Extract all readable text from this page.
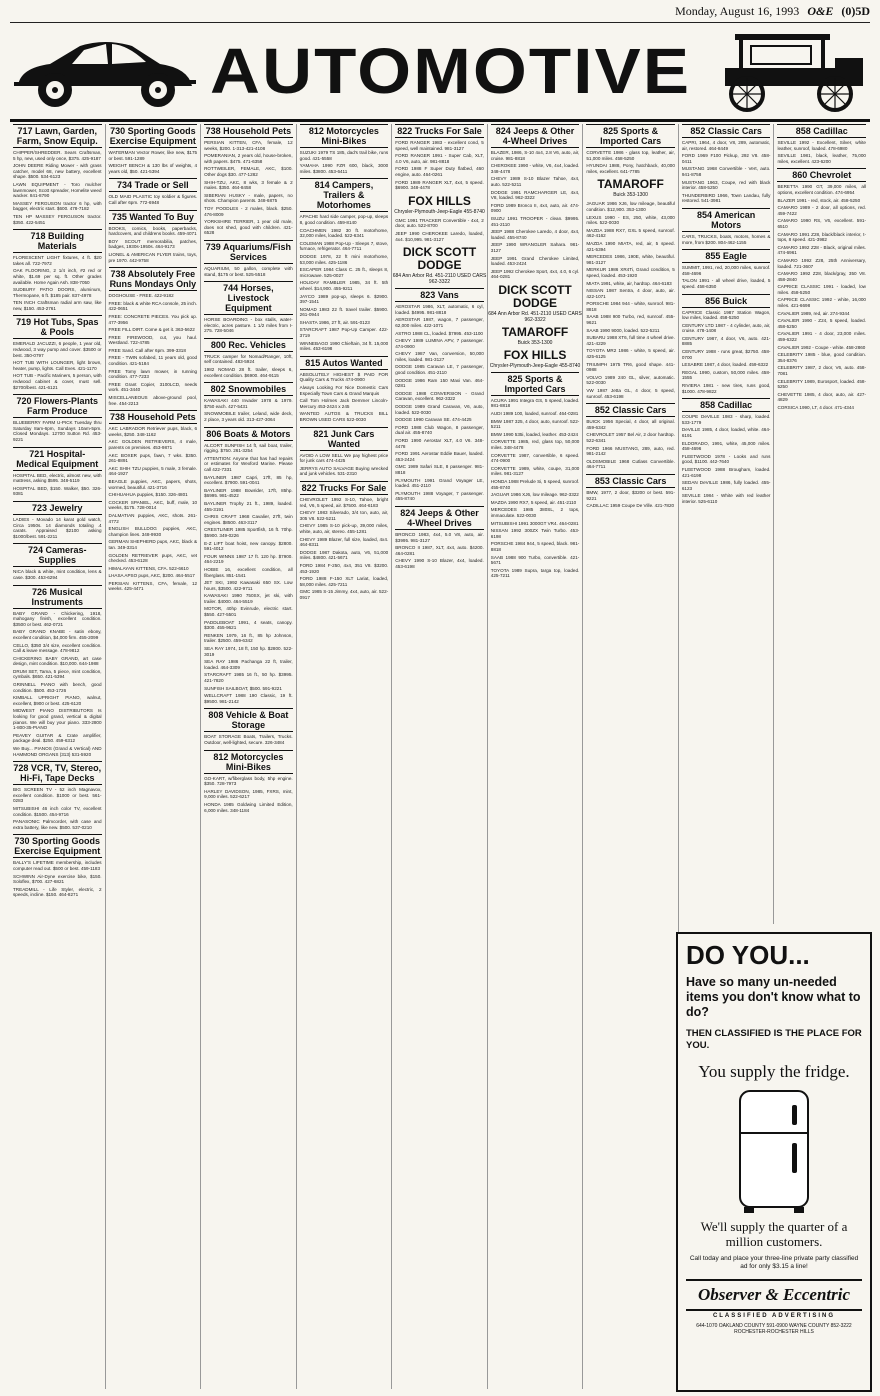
Monday, August 16, 1993 O&E (0)5D
AUTOMOTIVE
717 Lawn, Garden, Farm, Snow Equip.
CHIPPER/SHREDDER. Sears Craftsman, 5 hp, new, used only once, $375. 425-9187
JOHN DEERE Riding Mower - with grass catcher, model 68, new battery, excellent shape. $500. 534-6123
LAWN EQUIPMENT - Toro mulcher lawnmower, Scott spreader, Homelite weed wacker. 841-8790
MASSEY FERGUSON tractor 6 hp, with bagger, electric start. $600. 478-7182
TEN HP MASSEY FERGUSON tractor. $350. 422-5451
718 Building Materials
FLORESCENT LIGHT fixtures, 4 ft. $20 takes all. 722-7972
OAK FLOORING, 2 1/4 inch, #2 red or white, $1.69 per sq. ft. Other grades available. Home Again Ash. 838-7050
SUDBURY PATIO DOORS, aluminum, Thermopane, 6 ft. $185 pair. 837-4978
TEN INCH Craftsman radial arm saw, like new, $150. 453-2761
719 Hot Tubs, Spas & Pools
EMERALD JACUZZI, 6 people, 1 year old, redwood, 3 way pump and cover. $3500 or best. 350-0797
HOT TUB WITH LOUNGER, light brown, heater, pump, lights. Call Eves. 421-1170
HOT TUB - Pacific Mariners, 5 person, with redwood cabinet & cover, must sell. $2700/best. 421-6121
720 Flowers-Plants Farm Produce
BLUEBERRY FARM U-PICK Tuesday thru Saturday 8am-6pm, Sundays 10am-5pm. Closed Mondays. 12700 Sutton Rd. 453-9221
721 Hospital-Medical Equipment
HOSPITAL BED, electric, almost new, with mattress, asking $595. 348-5119
HOSPITAL BED, $150. Walker, $50. 326-9381
723 Jewelry
LADIES - Movado 14 karat gold watch, Circa 1950s. 14 diamonds totaling .4 carats. Appraised $2100 asking $1000/best. 591-2211
724 Cameras-Supplies
NICA black & white, mint condition, lens & case. $300. 453-6294
726 Musical Instruments
BABY GRAND - Chickering, 1918, mahogany finish, excellent condition. $3500 or best. 462-0721
BABY GRAND KNABE - satin ebony, excellent condition, $4,000 firm. 455-2099
CELLO, $350 3/4 size, excellent condition. Call & leave message. 478-9812
CHICKERING BABY GRAND, art case design, mint condition. $10,000. 644-1988
DRUM SET, Tama, 5 piece, mint condition, cymbals. $650. 421-5394
GRINNELL PIANO with bench, good condition. $500. 453-1726
KIMBALL UPRIGHT PIANO, walnut, excellent, $900 or best. 425-6120
MIDWEST PIANO DISTRIBUTORS Is looking for good grand, vertical & digital pianos. We will buy your piano. 333-2800 1-800-35-PIANO
PEAVEY GUITAR & Crate amplifier, package deal. $250. 459-6312
We Buy... PIANOS (Grand & Vertical) AND HAMMOND ORGANS (313) 531-5920
728 VCR, TV, Stereo, Hi-Fi, Tape Decks
BIG SCREEN TV - 52 inch Magnavox, excellent condition. $1000 or best. 561-0283
MITSUBISHI 46 inch color TV, excellent condition. $1500. 454-9716
PANASONIC Palmcorder, with case and extra battery, like new. $500. 537-0210
730 Sporting Goods Exercise Equipment
BALLY'S LIFETIME membership, includes computer read out. $500 or best. 459-1183
SCHWINN Air-Dyne exercise bike, $150. Soloflex, $700. 427-6821
TREADMILL - Life Styler, electric, 2 speeds, incline. $150. 464-8271
730 Sporting Goods Exercise Equipment
WATERMAN Vector Rower, like new, $175 or best. 591-1289
WEIGHT BENCH & 130 lbs of weights, 4 years old, $50. 421-5394
734 Trade or Sell
OLD MAID PLASTIC toy soldier & figures. Call after 6pm. 772-6948
735 Wanted To Buy
BOOKS, comics, books, paperbacks, hardcovers, and childrens books. 459-4071
BOY SCOUT memorabilia, patches, badges, 1930s-1950s. 464-9173
LIONEL & AMERICAN FLYER trains, toys, pre 1970. 442-9758
738 Absolutely Free Runs Mondays Only
DOGHOUSE - FREE. 422-9182
FREE: black & white RCA console, 25 inch. 422-0651
FREE: CONCRETE PIECES. You pick up. 477-3956
FREE FILL DIRT. Come & get it. 363-5622
FREE FIREWOOD, cut, you haul. Westland. 722-4785
FREE Sand. Call after 6pm. 399-3318
FREE - TWIN sofabed, 11 years old, good condition. 421-5184
FREE Tomy lawn mower, in running condition. 477-7233
FREE Grant Copier, 3100LCD, needs work. 451-3440
MISCELLANEOUS above-ground pool, free. 454-2213
738 Household Pets
AKC LABRADOR Retriever pups, black, 6 weeks, $250. 348-1162
AKC GOLDEN RETRIEVERS, 4 male, parents on premises. 453-9871
AKC BOXER pups, fawn, 7 wks. $350. 261-8891
AKC SHIH TZU puppies, 5 male, 3 female. 464-1927
BEAGLE puppies, AKC, papers, shots, wormed, beautiful. 421-3716
CHIHUAHUA puppies, $150. 326-4801
COCKER SPANIEL, AKC, buff, male, 10 weeks, $175. 728-0014
DALMATIAN puppies, AKC, shots. 261-4772
ENGLISH BULLDOG puppies, AKC, champion lines. 348-9930
GERMAN SHEPHERD pups, AKC, black & tan. 349-3314
GOLDEN RETRIEVER pups, AKC, vet checked. 453-6128
HIMALAYAN KITTENS, CFA. 522-6610
LHASA APSO pups, AKC, $200. 464-5517
PERSIAN KITTENS, CFA, female, 12 weeks. 425-4471
738 Household Pets
PERSIAN KITTEN, CFA, female, 12 weeks, $200. 1-313-421-4108
POMERANIAN, 2 years old, house-broken, with papers. $475. 471-6358
ROTTWEILER, FEMALE, AKC, $100. Other dogs $30. 477-1282
SHIH-TZU, AKC, 8 wks, 3 female & 2 males. $350. 464-8458
SIBERIAN HUSKY - male, papers, no shots. Champion parents. 348-6875
TOY POODLES - 2 males, black. $250. 476-8009
YORKSHIRE TERRIER, 1 year old male, does not shed, good with children. 421-6528
739 Aquariums/Fish Services
AQUARIUM, 50 gallon, complete with stand, $175 or best. 525-5518
744 Horses, Livestock Equipment
HORSE BOARDING - box stalls, water-electric, acres pasture. 1 1/2 miles from I-275. 728-5046
800 Rec. Vehicles
TRUCK camper for Nomad/Ranger, 10ft, self contained. 483-5924
1982 NOMAD 28 ft. trailer, sleeps 6, excellent condition. $6900. 464-9115
802 Snowmobiles
KAWASAKI 440 Invader 1978 & 1979. $750 each. 427-5431
SNOWMOBILE trailer, Leland, wide deck, 2 place, 3 years old. 313-427-3064
806 Boats & Motors
ALCORT SUNFISH 14 ft, sail boat, trailer, rigging. $750. 261-3254
ATTENTION: Anyone that has had repairs or estimates for Wexford Marine. Please call 422-7331
BAYLINER 1987 Capri, 17ft, 85 hp, excellent. $7900. 591-0041
BAYLINER 1988 Bowrider, 17ft, 85hp. $6995. 981-4522
BAYLINER Trophy 21 ft., 1989, loaded. 455-3191
CHRIS CRAFT 1968 Cavalier, 27ft, twin engines. $8500. 463-3117
CRESTLINER 1985 Sportfish, 16 ft. 70hp. $5900. 349-0226
E-Z LIFT boat hoist, new canopy. $2800. 591-4012
FOUR WINNS 1987 17 ft. 120 hp. $7900. 464-2219
HOBIE 16, excellent condition, all fiberglass. 851-1541
JET SKI, 1992 Kawasaki 650 SX. Low hours, $3500. 422-9711
KAWASAKI 1990 750SX, jet ski, with trailer. $4000. 464-5519
MOTOR, 40hp Evinrude, electric start. $550. 427-5501
PADDLEBOAT 1991, 4 seats, canopy. $300. 455-9621
RENKEN 1979, 16 ft., 85 hp Johnson, trailer. $2500. 459-6342
SEA RAY 1974, 18 ft, 150 hp. $2800. 522-3019
SEA RAY 1986 Pachanga 22 ft, trailer, loaded. 464-3309
STARCRAFT 1985 16 ft., 50 hp. $3995. 421-7820
SUNFISH SAILBOAT, $500. 591-9221
WELLCRAFT 1988 190 Classic, 19 ft. $9500. 981-2142
808 Vehicle & Boat Storage
BOAT STORAGE Boats, Trailers, Trucks. Outdoor, well-lighted, secure. 326-3484
812 Motorcycles Mini-Bikes
GO-KART, w/fiberglass body, 5hp engine. $350. 728-7973
HARLEY DAVIDSON, 1985, FXRS, mint, 9,000 miles. 522-6217
HONDA 1985 Goldwing Limited Edition, 6,000 miles. 348-1184
812 Motorcycles Mini-Bikes
SUZUKI 1979 TS 185, dad's trail bike, runs good. 421-5558
YAMAHA 1990 FZR 600, black, 3000 miles. $3800. 453-6411
814 Campers, Trailers & Motorhomes
APACHE hard side camper, pop-up, sleeps 8, good condition. 459-8140
COACHMEN 1982 30 ft. motorhome, 32,000 miles, loaded. 522-6341
COLEMAN 1988 Pop-Up - Sleeps 7, stove, furnace, refrigerator. 464-7711
DODGE 1978, 22 ft mini motorhome, 53,000 miles. 425-1186
ESCAPER 1984 Class C. 25 ft., sleeps 8, microwave. 525-0027
HOLIDAY RAMBLER 1985, 34 ft. 5th wheel. $14,900. 455-9211
JAYCO 1989 pop-up, sleeps 6. $2900. 397-1541
NOMAD 1983 22 ft. travel trailer. $5900. 261-0944
SHASTA 1986, 27 ft, air. 591-0123
STARCRAFT 1987 Pop-Up Camper. 422-3719
WINNEBAGO 1990 Chieftain, 34 ft. 15,000 miles. 453-6198
815 Autos Wanted
ABSOLUTELY HIGHEST $ PAID FOR Quality Cars & Trucks 474-0900
Always Looking For Nice Domestic Cars Especially Town Cars & Grand Marquis
Call Tom Holmes Jack Demmer Lincoln-Mercury 453-2424 x 245
WANTED AUTOS & TRUCKS BILL BROWN USED CARS 522-0030
821 Junk Cars Wanted
AVOID A LOW SELL We pay highest price for junk cars 474-4425
JERRYS AUTO SALVAGE Buying wrecked and junk vehicles. 531-2310
822 Trucks For Sale
CHEVROLET 1992 S-10, Tahoe, bright red, V6, 5 speed, air. $7500. 464-6183
CHEVY 1983 Silverado, 3/4 ton, auto, air, 305 V8. 522-5211
CHEVY 1985 S-10 pick-up, 39,000 miles, white, auto, air, stereo. 455-1281
CHEVY 1989 Blazer, full size, loaded, 4x4. 464-8311
DODGE 1987 Dakota, auto, V6, 51,000 miles. $4800. 421-5671
FORD 1984 F-250, 4x4, 351 V8. $3200. 453-1920
FORD 1988 F-150 XLT Lariat, loaded, 58,000 miles. 425-7211
GMC 1985 S-15 Jimmy, 4x4, auto, air. 522-0917
822 Trucks For Sale
FORD RANGER 1983 - excellent cond, 5 speed, well maintained. 981-3127
FORD RANGER 1991 - Super Cab, XLT, 4.0 V6, auto, air. 981-8818
FORD 1988 F Super Duty flatbed, 460 engine, auto. 464-0261
FORD 1989 RANGER XLT, 4x4, 5 speed. $6900. 348-4478
FOX HILLS
Chrysler-Plymouth-Jeep-Eagle 455-8740
GMC 1991 TRACKER Convertible - 4x4, 2 door, auto. 522-8700
JEEP 1990 CHEROKEE Laredo, loaded, 4x4. $10,995. 981-3127
DICK SCOTT DODGE
684 Ann Arbor Rd. 451-2110 USED CARS 962-3322
823 Vans
AEROSTAR 1986, XLT, automatic, 6 cyl, loaded. $4995. 981-8818
AEROSTAR 1987, wagon, 7 passenger, 62,000 miles. 422-1071
ASTRO 1988 CL, loaded. $7995. 453-1100
CHEVY 1989 LUMINA APV, 7 passenger. 474-0900
CHEVY 1987 Van, conversion, 50,000 miles, loaded. 981-3127
DODGE 1985 Caravan LE, 7 passenger, good condition. 451-2110
DODGE 1986 Ram 150 Maxi Van. 464-0281
DODGE 1988 CONVERSION - Grand Caravan, excellent. 962-3322
DODGE 1989 Grand Caravan, V6, auto, loaded. 522-0030
DODGE 1990 Caravan SE. 474-4425
FORD 1988 Club Wagon, 8 passenger, dual air. 455-8740
FORD 1990 Aerostar XLT, 4.0 V6. 348-4478
FORD 1991 Aerostar Eddie Bauer, loaded. 453-2424
GMC 1989 Safari SLE, 8 passenger. 981-8818
PLYMOUTH 1991 Grand Voyager LE, loaded. 451-2110
PLYMOUTH 1988 Voyager, 7 passenger. 455-8740
824 Jeeps & Other 4-Wheel Drives
BRONCO 1983, 4x4, 5.0 V8, auto, air. $3995. 981-3127
BRONCO II 1987, XLT, 4x4, auto. $4200. 464-0281
CHEVY 1990 S-10 Blazer, 4x4, loaded. 453-6198
824 Jeeps & Other 4-Wheel Drives
BLAZER, 1986, S-10 4x4, 2.8 V6, auto, air, cruise. 981-8818
CHEROKEE 1990 - white, V6, 4x4, loaded. 348-4478
CHEVY 1989 S-10 Blazer Tahoe, 4x4, auto. 522-5211
DODGE 1991 RAMCHARGER LE, 4x4, V8, loaded. 962-3322
FORD 1989 Bronco II, 4x4, auto, air. 474-0900
ISUZU 1991 TROOPER - clean. $9995. 451-2110
JEEP 1988 Cherokee Laredo, 4 door, 4x4, loaded. 455-8740
JEEP 1990 WRANGLER Sahara. 981-3127
JEEP 1991 Grand Cherokee Limited, loaded. 453-2424
JEEP 1992 Cherokee Sport, 4x4, 4.0, 6 cyl. 464-0281
DICK SCOTT DODGE
684 Ann Arbor Rd. 451-2110 USED CARS 962-3322
TAMAROFF
Buick 353-1300
FOX HILLS
Chrysler-Plymouth-Jeep-Eagle 455-8740
825 Sports & Imported Cars
ACURA 1991 Integra GS, 5 speed, loaded. 981-8818
AUDI 1989 100, loaded, sunroof. 464-0281
BMW 1987 325, 4 door, auto, sunroof. 522-5211
BMW 1990 535i, loaded, leather. 453-2424
CORVETTE 1985, red, glass top, 50,000 miles. 348-4478
CORVETTE 1987, convertible, 6 speed. 474-0900
CORVETTE 1989, white, coupe, 31,000 miles. 981-3127
HONDA 1988 Prelude Si, 5 speed, sunroof. 455-8740
JAGUAR 1986 XJ6, low mileage. 962-3322
MAZDA 1990 RX7, 5 speed, air. 451-2110
MERCEDES 1985 380SL, 2 tops, immaculate. 522-0030
MITSUBISHI 1991 3000GT VR4. 464-0281
NISSAN 1992 300ZX Twin Turbo. 453-6198
PORSCHE 1984 944, 5 speed, black. 981-8818
SAAB 1988 900 Turbo, convertible. 421-5671
TOYOTA 1989 Supra, targa top, loaded. 425-7211
825 Sports & Imported Cars
CORVETTE 1986 - glass top, leather, air, 51,000 miles. 458-5250
HYUNDAI 1988, Pony, hatchback, 40,000 miles, excellent. 641-7785
TAMAROFF
Buick 353-1300
JAGUAR 1986 XJ6, low mileage, beautiful condition. $12,900. 353-1300
LEXUS 1990 - ES, 250, white, 43,000 miles. 522-0030
MAZDA 1988 RX7, GXL 5 speed, sunroof. 462-4162
MAZDA 1990 MIATA, red, air, 5 speed. 421-5394
MERCEDES 1986, 190E, white, beautiful. 981-3127
MERKUR 1986 XR4Ti, Grand condition, 5 speed, loaded. 453-1920
MIATA 1991, white, air, hardtop. 464-6183
NISSAN 1987 Sentra, 4 door, auto, air. 422-1071
PORSCHE 1984 944 - white, sunroof. 981-8818
SAAB 1988 900 Turbo, red, sunroof. 455-9621
SAAB 1990 9000, loaded. 522-5211
SUBARU 1988 XT6, full time 4 wheel drive. 421-4229
TOYOTA MR2 1986 - white, 5 speed, air. 425-6125
TRIUMPH 1975 TR6, good shape. 441-0988
VOLVO 1989 240 GL, silver, automatic. 522-0030
VW 1987 Jetta GL, 4 door, 5 speed, sunroof. 453-6198
852 Classic Cars
BUICK 1956 Special, 4 door, all original. 459-6342
CHEVROLET 1957 Bel Air, 2 door hardtop. 522-6341
FORD 1966 MUSTANG, 289, auto, red. 981-2142
OLDSMOBILE 1968 Cutlass Convertible. 464-7711
853 Classic Cars
BMW, 1977, 2 door, $3200 or best. 591-9221
CADILLAC 1959 Coupe De Ville. 421-7820
852 Classic Cars
CAPRI, 1964, 4 door, V8, 289, automatic, air, restored. 464-8449
FORD 1969 F100 Pickup, 292 V8. 458-0411
MUSTANG 1968 Convertible - Vert, auto. 941-8758
MUSTANG 1963, Coupe, red with black interior. 458-5250
THUNDERBIRD 1966, Town Landau, fully restored. 541-3981
854 American Motors
CARS, TRUCKS, boats, motors, homes & more, from $200. 804-462-1155
855 Eagle
SUMMIT, 1991, red, 20,000 miles, sunroof. 458-4696
TALON 1991 - all wheel drive, loaded, 5 speed. 458-6350
856 Buick
CAPRICE Classic 1987 Station Wagon, low miles, loaded. 458-5250
CENTURY LTD 1987 - 4 cylinder, auto, air, cruise. 478-1408
CENTURY 1987, 4 door, V6, auto. 421-8885
CENTURY 1988 - runs great, $2750. 458-0700
LESABRE 1987, 4 door, loaded. 459-6322
REGAL 1990, custom, 50,000 miles. 458-1555
RIVIERA 1981 - new tires, runs good, $1000. 478-9822
858 Cadillac
COUPE DeVILLE 1983 - sharp, loaded. 533-1779
DeVILLE 1985, 4 door, loaded, white. 464-6191
ELDORADO, 1991, white, 45,000 miles. 458-4696
FLEETWOOD 1978 - Looks and runs good, $1100. 442-7640
FLEETWOOD 1988 Brougham, loaded. 421-6198
SEDAN DeVILLE 1986, fully loaded. 455-6123
SEVILLE 1984 - White with red leather interior. 525-6110
858 Cadillac
SEVILLE 1992 - Excellent, Silver, white leather, sunroof, loaded. 478-6980
SEVILLE 1981, black, leather, 75,000 miles, excellent. 423-6200
860 Chevrolet
BERETTA 1990 GT, 39,000 miles, all options, excellent condition. 474-6954
BLAZER 1991 - red, stock, air. 458-5250
CAMARO 1989 - 2 door, all options, red. 459-7422
CAMARO 1990 RS, V6, excellent. 591-6510
CAMARO 1991 Z28, black/black interior, t-tops, 8 speed. 421-3982
CAMARO 1992 Z28 - Black, original miles. 474-6961
CAMARO 1992 Z28, 25th Anniversary, loaded. 721-3607
CAMARO 1992 Z28, black/gray, 350 V8. 458-2840
CAPRICE CLASSIC 1991 - loaded, low miles. 458-5250
CAPRICE CLASSIC 1992 - white, 16,000 miles. 421-6698
CAVALIER 1989, red, air. 274-9344
CAVALIER 1990 - Z24, 5 speed, loaded. 458-5250
CAVALIER 1991 - 4 door, 23,000 miles. 459-6322
CAVALIER 1992 - Coupe - white. 458-2860
CELEBRITY 1985 - blue, good condition. 354-8376
CELEBRITY 1987, 2 door, V6, auto. 458-7081
CELEBRITY 1989, Eurosport, loaded. 458-5250
CHEVETTE 1985, 4 door, auto, air. 427-4829
CORSICA 1990, LT, 4 door. 471-4344
DO YOU...
Have so many un-needed items you don't know what to do?
THEN CLASSIFIED IS THE PLACE FOR YOU.
You supply the fridge.
We'll supply the quarter of a million customers.
Call today and place your three-line private party classified ad for only $3.15 a line!
Observer & Eccentric
CLASSIFIED ADVERTISING
644-1070 OAKLAND COUNTY 591-0900 WAYNE COUNTY 852-3222 ROCHESTER-ROCHESTER HILLS
